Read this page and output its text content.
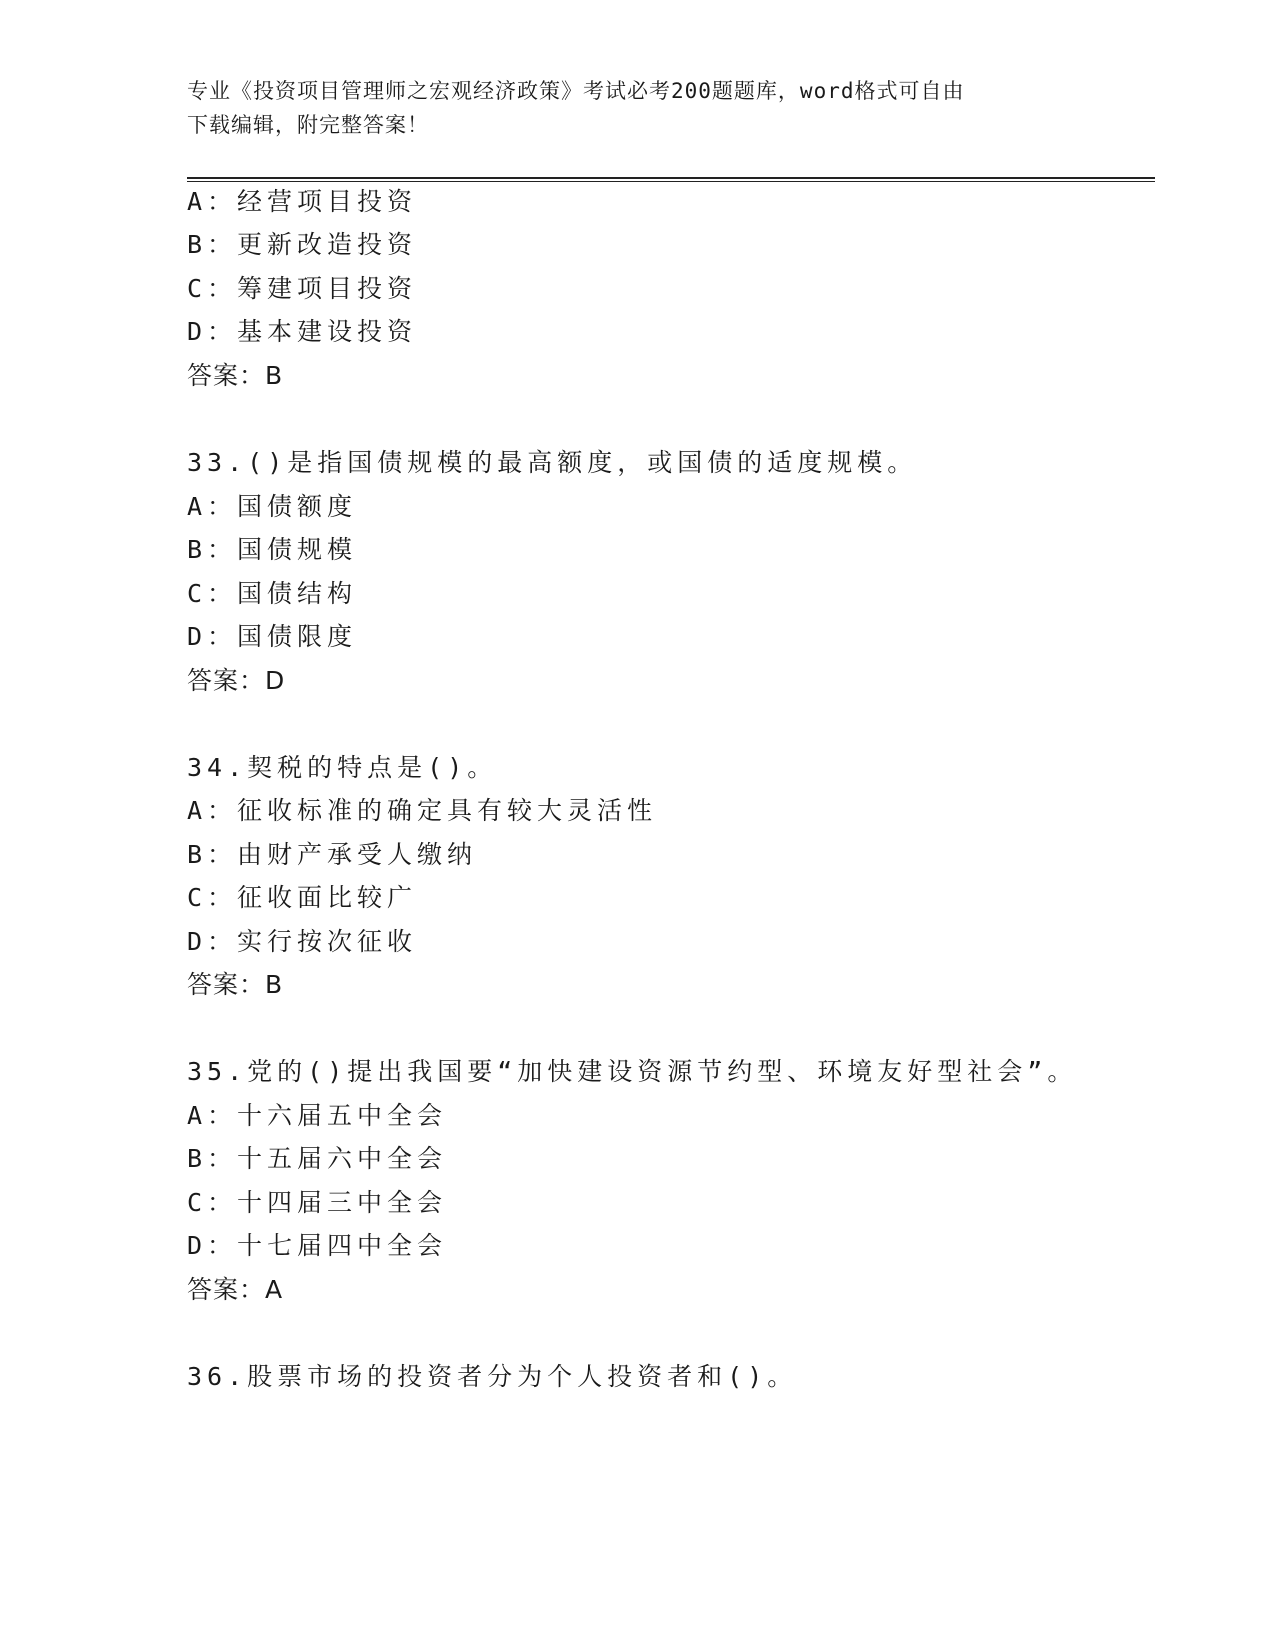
专业《投资项目管理师之宏观经济政策》考试必考200题题库，word格式可自由
下载编辑，附完整答案！
A：经营项目投资
B：更新改造投资
C：筹建项目投资
D：基本建设投资
答案：B
33.()是指国债规模的最高额度，或国债的适度规模。
A：国债额度
B：国债规模
C：国债结构
D：国债限度
答案：D
34.契税的特点是()。
A：征收标准的确定具有较大灵活性
B：由财产承受人缴纳
C：征收面比较广
D：实行按次征收
答案：B
35.党的()提出我国要“加快建设资源节约型、环境友好型社会”。
A：十六届五中全会
B：十五届六中全会
C：十四届三中全会
D：十七届四中全会
答案：A
36.股票市场的投资者分为个人投资者和()。
